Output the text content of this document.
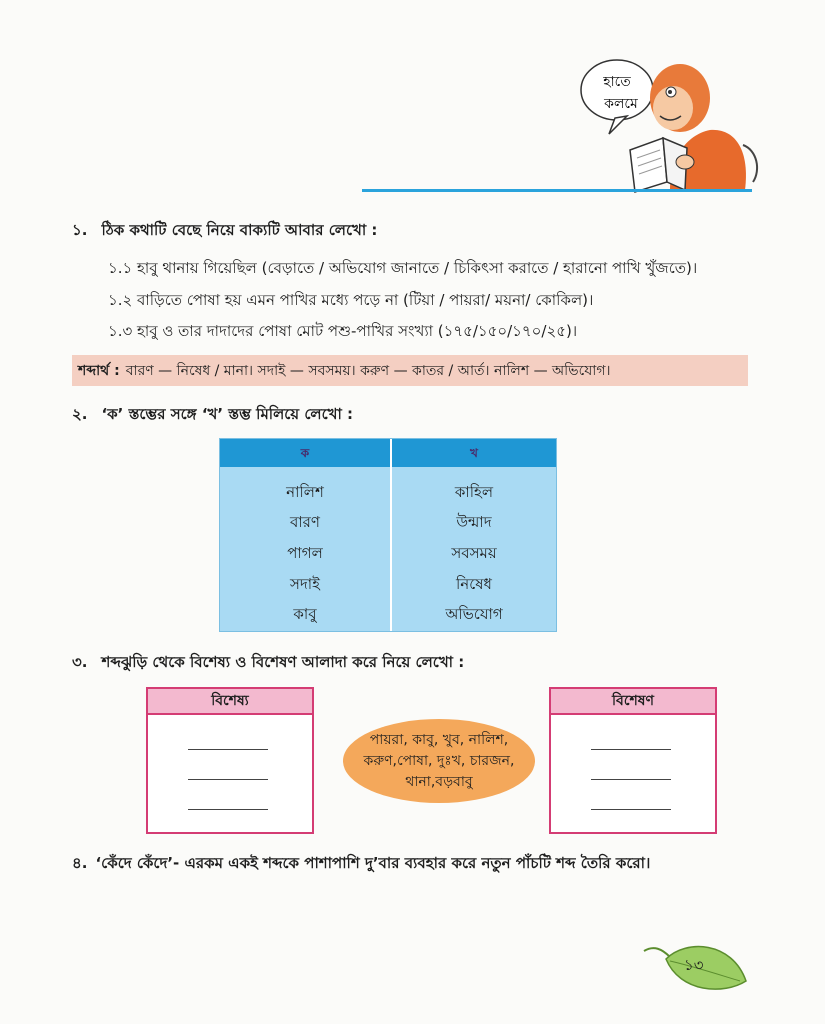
হাতে
কলমে
১. ঠিক কথাটি বেছে নিয়ে বাক্যটি আবার লেখো :
১.১ হাবু থানায় গিয়েছিল (বেড়াতে / অভিযোগ জানাতে / চিকিৎসা করাতে / হারানো পাখি খুঁজতে)।
১.২ বাড়িতে পোষা হয় এমন পাখির মধ্যে পড়ে না (টিয়া / পায়রা/ ময়না/ কোকিল)।
১.৩ হাবু ও তার দাদাদের পোষা মোট পশু-পাখির সংখ্যা (১৭৫/১৫০/১৭০/২৫)।
শব্দার্থ : বারণ — নিষেধ / মানা। সদাই — সবসময়। করুণ — কাতর / আর্ত। নালিশ — অভিযোগ।
২. ‘ক’ স্তম্ভের সঙ্গে ‘খ’ স্তম্ভ মিলিয়ে লেখো :
ক	খ
নালিশ
বারণ
পাগল
সদাই
কাবু
কাহিল
উন্মাদ
সবসময়
নিষেধ
অভিযোগ
৩. শব্দঝুড়ি থেকে বিশেষ্য ও বিশেষণ আলাদা করে নিয়ে লেখো :
বিশেষ্য
পায়রা, কাবু, খুব, নালিশ, করুণ,পোষা, দুঃখ, চারজন, থানা,বড়বাবু
বিশেষণ
৪. ‘কেঁদে কেঁদে’- এরকম একই শব্দকে পাশাপাশি দু’বার ব্যবহার করে নতুন পাঁচটি শব্দ তৈরি করো।
১৩
